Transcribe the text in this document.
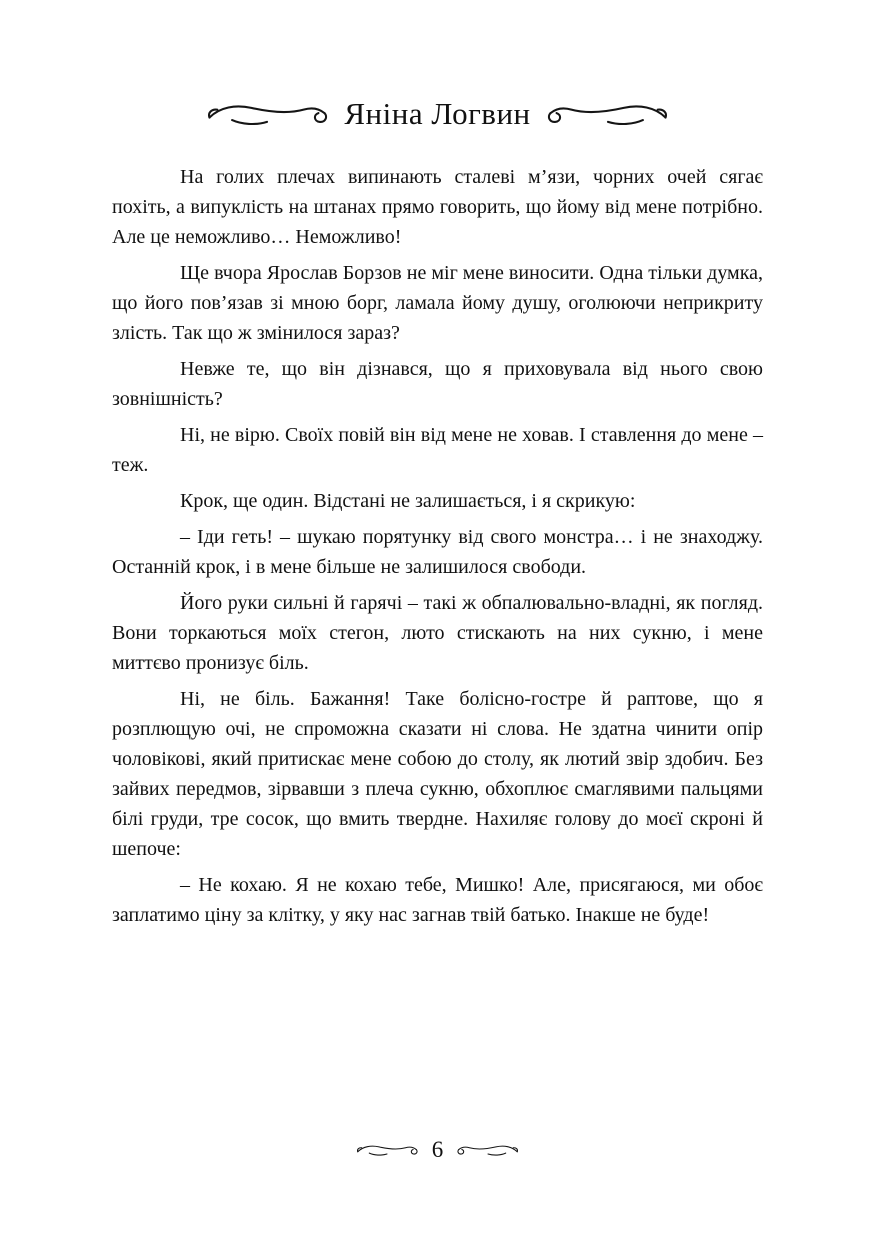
Яніна Логвин

На голих плечах випинають сталеві м’язи, чорних очей сягає похіть, а випуклість на штанах прямо говорить, що йому від мене потрібно. Але це неможливо… Неможливо!

Ще вчора Ярослав Борзов не міг мене виносити. Одна тільки думка, що його пов’язав зі мною борг, ламала йому душу, оголюючи неприкриту злість. Так що ж змінилося зараз?

Невже те, що він дізнався, що я приховувала від нього свою зовнішність?

Ні, не вірю. Своїх повій він від мене не ховав. І ставлення до мене – теж.

Крок, ще один. Відстані не залишається, і я скрикую:

– Іди геть! – шукаю порятунку від свого монстра… і не знаходжу. Останній крок, і в мене більше не залишилося свободи.

Його руки сильні й гарячі – такі ж обпалювально-владні, як погляд. Вони торкаються моїх стегон, люто стискають на них сукню, і мене миттєво пронизує біль.

Ні, не біль. Бажання! Таке болісно-гостре й раптове, що я розплющую очі, не спроможна сказати ні слова. Не здатна чинити опір чоловікові, який притискає мене собою до столу, як лютий звір здобич. Без зайвих передмов, зірвавши з плеча сукню, обхоплює смаглявими пальцями білі груди, тре сосок, що вмить твердне. Нахиляє голову до моєї скроні й шепоче:

– Не кохаю. Я не кохаю тебе, Мишко! Але, присягаюся, ми обоє заплатимо ціну за клітку, у яку нас загнав твій батько. Інакше не буде!

6
